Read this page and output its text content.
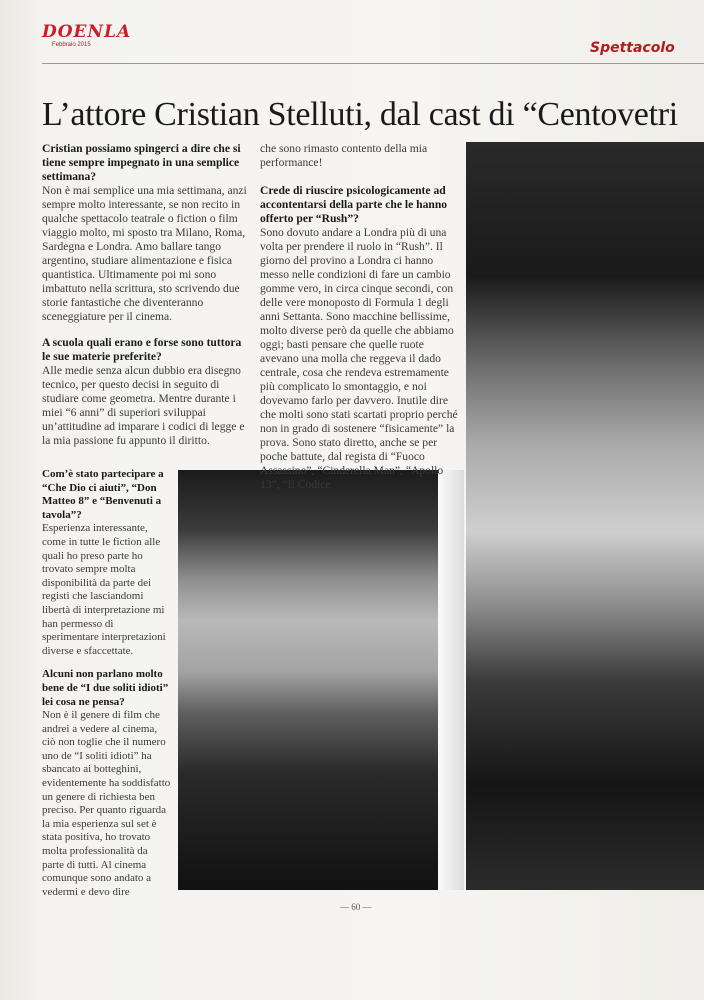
DOENLA
Febbraio 2015	Spettacolo
L’attore Cristian Stelluti, dal cast di “Centovetri

Cristian possiamo spingerci a dire che si tiene sempre impegnato in una semplice settimana?

Non è mai semplice una mia settimana, anzi sempre molto interessante, se non recito in qualche spettacolo teatrale o fiction o film viaggio molto, mi sposto tra Milano, Roma, Sardegna e Londra. Amo ballare tango argentino, studiare alimentazione e fisica quantistica. Ultimamente poi mi sono imbattuto nella scrittura, sto scrivendo due storie fantastiche che diventeranno sceneggiature per il cinema.

A scuola quali erano e forse sono tuttora le sue materie preferite?

Alle medie senza alcun dubbio era disegno tecnico, per questo decisi in seguito di studiare come geometra. Mentre durante i miei “6 anni” di superiori sviluppai un’attitudine ad imparare i codici di legge e la mia passione fu appunto il diritto.

che sono rimasto contento della mia performance!

Crede di riuscire psicologicamente ad accontentarsi della parte che le hanno offerto per “Rush”?

Sono dovuto andare a Londra più di una volta per prendere il ruolo in “Rush”. Il giorno del provino a Londra ci hanno messo nelle condizioni di fare un cambio gomme vero, in circa cinque secondi, con delle vere monoposto di Formula 1 degli anni Settanta. Sono macchine bellissime, molto diverse però da quelle che abbiamo oggi; basti pensare che quelle ruote avevano una molla che reggeva il dado centrale, cosa che rendeva estremamente più complicato lo smontaggio, e noi dovevamo farlo per davvero. Inutile dire che molti sono stati scartati proprio perché non in grado di sostenere “fisicamente” la prova. Sono stato diretto, anche se per poche battute, dal regista di “Fuoco Assassino”, “Cinderella Man”, “Apollo 13”, “Il Codice

Com’è stato partecipare a “Che Dio ci aiuti”, “Don Matteo 8” e “Benvenuti a tavola”?

Esperienza interessante, come in tutte le fiction alle quali ho preso parte ho trovato sempre molta disponibilità da parte dei registi che lasciandomi libertà di interpretazione mi han permesso di sperimentare interpretazioni diverse e sfaccettate.

Alcuni non parlano molto bene de “I due soliti idioti” lei cosa ne pensa?

Non è il genere di film che andrei a vedere al cinema, ciò non toglie che il numero uno de “I soliti idioti” ha sbancato ai botteghini, evidentemente ha soddisfatto un genere di richiesta ben preciso. Per quanto riguarda la mia esperienza sul set è stata positiva, ho trovato molta professionalità da parte di tutti. Al cinema comunque sono andato a vedermi e devo dire

— 60 —
